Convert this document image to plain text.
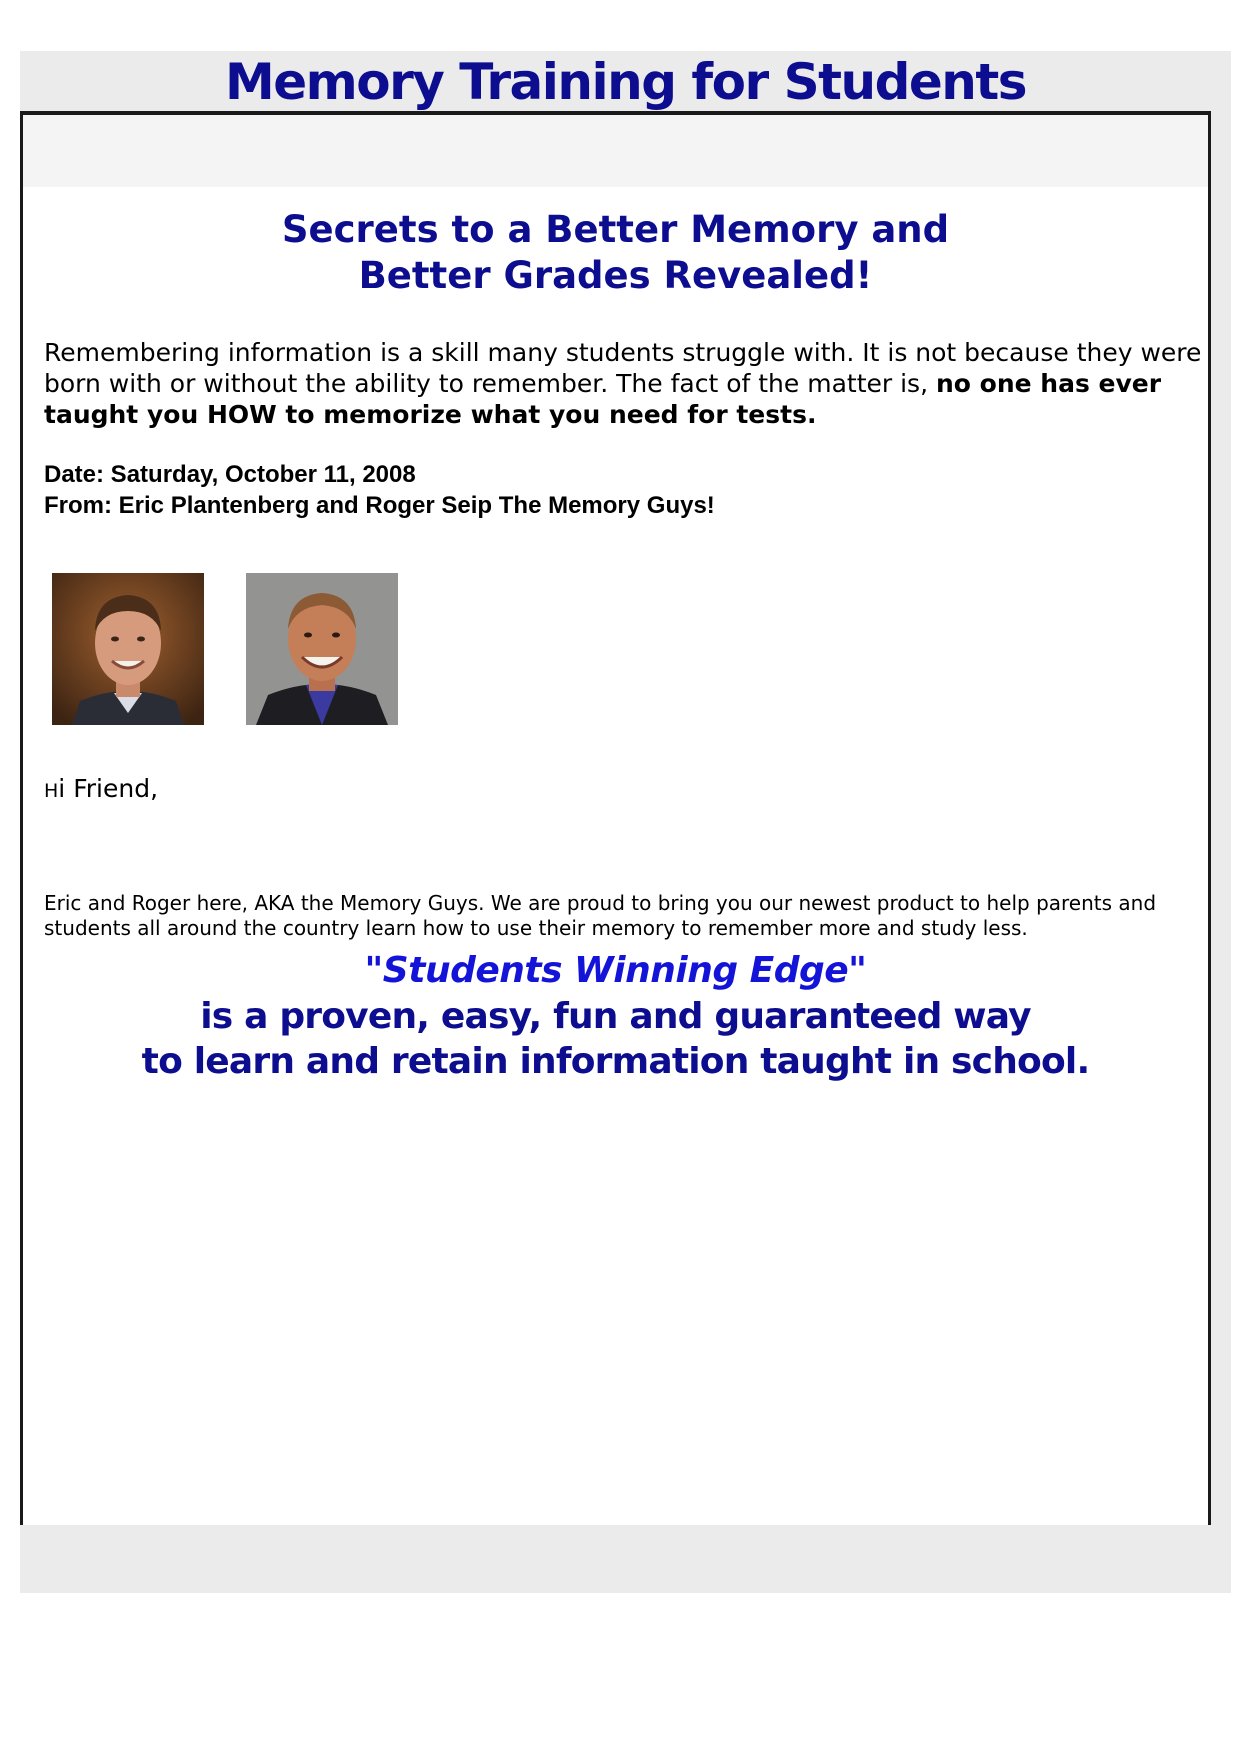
Memory Training for Students
Secrets to a Better Memory and
Better Grades Revealed!

Remembering information is a skill many students struggle with. It is not because they were born with or without the ability to remember. The fact of the matter is, no one has ever taught you HOW to memorize what you need for tests.

Date: Saturday, October 11, 2008
From: Eric Plantenberg and Roger Seip The Memory Guys!
Hi Friend,

Eric and Roger here, AKA the Memory Guys. We are proud to bring you our newest product to help parents and students all around the country learn how to use their memory to remember more and study less.

"Students Winning Edge"
is a proven, easy, fun and guaranteed way
to learn and retain information taught in school.
